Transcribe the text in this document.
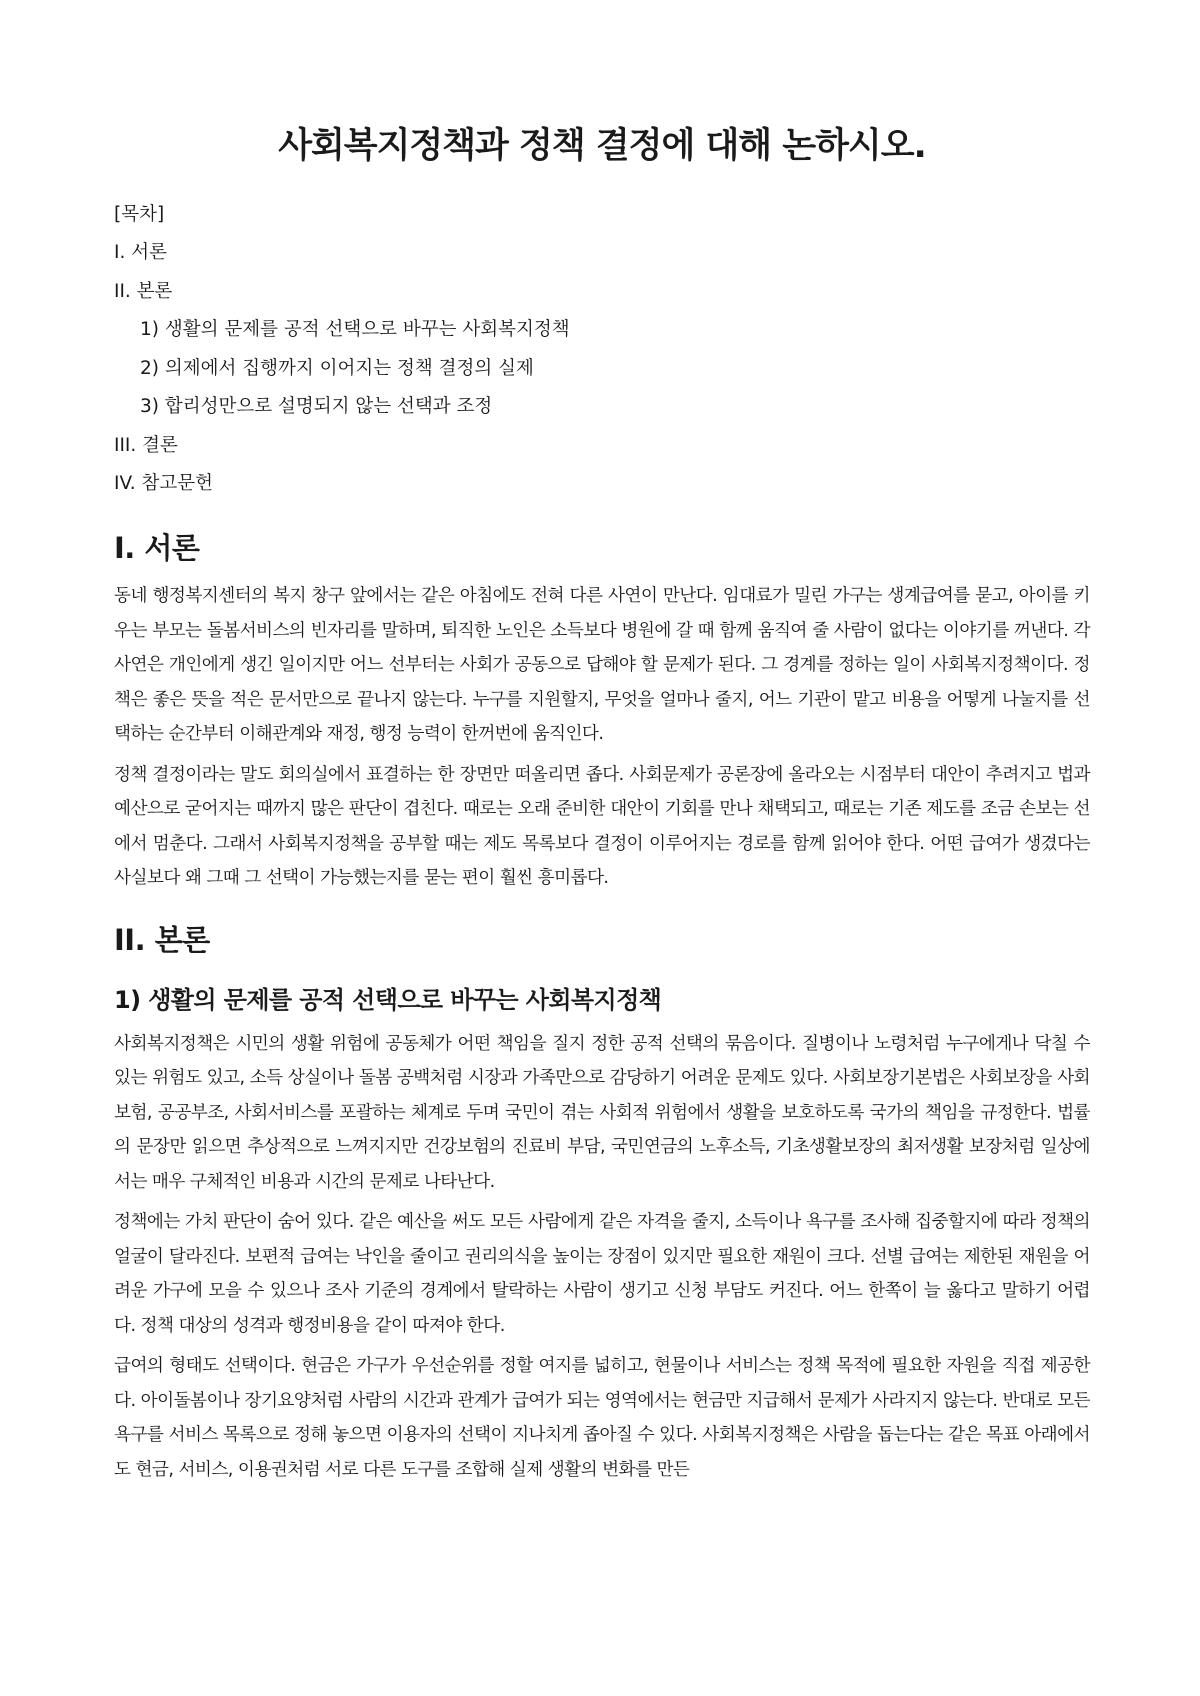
사회복지정책과 정책 결정에 대해 논하시오.
[목차]
I. 서론
II. 본론
1) 생활의 문제를 공적 선택으로 바꾸는 사회복지정책
2) 의제에서 집행까지 이어지는 정책 결정의 실제
3) 합리성만으로 설명되지 않는 선택과 조정
III. 결론
IV. 참고문헌
I. 서론

동네 행정복지센터의 복지 창구 앞에서는 같은 아침에도 전혀 다른 사연이 만난다. 임대료가 밀린 가구는 생계급여를 묻고, 아이를 키우는 부모는 돌봄서비스의 빈자리를 말하며, 퇴직한 노인은 소득보다 병원에 갈 때 함께 움직여 줄 사람이 없다는 이야기를 꺼낸다. 각 사연은 개인에게 생긴 일이지만 어느 선부터는 사회가 공동으로 답해야 할 문제가 된다. 그 경계를 정하는 일이 사회복지정책이다. 정책은 좋은 뜻을 적은 문서만으로 끝나지 않는다. 누구를 지원할지, 무엇을 얼마나 줄지, 어느 기관이 맡고 비용을 어떻게 나눌지를 선택하는 순간부터 이해관계와 재정, 행정 능력이 한꺼번에 움직인다.

정책 결정이라는 말도 회의실에서 표결하는 한 장면만 떠올리면 좁다. 사회문제가 공론장에 올라오는 시점부터 대안이 추려지고 법과 예산으로 굳어지는 때까지 많은 판단이 겹친다. 때로는 오래 준비한 대안이 기회를 만나 채택되고, 때로는 기존 제도를 조금 손보는 선에서 멈춘다. 그래서 사회복지정책을 공부할 때는 제도 목록보다 결정이 이루어지는 경로를 함께 읽어야 한다. 어떤 급여가 생겼다는 사실보다 왜 그때 그 선택이 가능했는지를 묻는 편이 훨씬 흥미롭다.

II. 본론
1) 생활의 문제를 공적 선택으로 바꾸는 사회복지정책

사회복지정책은 시민의 생활 위험에 공동체가 어떤 책임을 질지 정한 공적 선택의 묶음이다. 질병이나 노령처럼 누구에게나 닥칠 수 있는 위험도 있고, 소득 상실이나 돌봄 공백처럼 시장과 가족만으로 감당하기 어려운 문제도 있다. 사회보장기본법은 사회보장을 사회보험, 공공부조, 사회서비스를 포괄하는 체계로 두며 국민이 겪는 사회적 위험에서 생활을 보호하도록 국가의 책임을 규정한다. 법률의 문장만 읽으면 추상적으로 느껴지지만 건강보험의 진료비 부담, 국민연금의 노후소득, 기초생활보장의 최저생활 보장처럼 일상에서는 매우 구체적인 비용과 시간의 문제로 나타난다.

정책에는 가치 판단이 숨어 있다. 같은 예산을 써도 모든 사람에게 같은 자격을 줄지, 소득이나 욕구를 조사해 집중할지에 따라 정책의 얼굴이 달라진다. 보편적 급여는 낙인을 줄이고 권리의식을 높이는 장점이 있지만 필요한 재원이 크다. 선별 급여는 제한된 재원을 어려운 가구에 모을 수 있으나 조사 기준의 경계에서 탈락하는 사람이 생기고 신청 부담도 커진다. 어느 한쪽이 늘 옳다고 말하기 어렵다. 정책 대상의 성격과 행정비용을 같이 따져야 한다.

급여의 형태도 선택이다. 현금은 가구가 우선순위를 정할 여지를 넓히고, 현물이나 서비스는 정책 목적에 필요한 자원을 직접 제공한다. 아이돌봄이나 장기요양처럼 사람의 시간과 관계가 급여가 되는 영역에서는 현금만 지급해서 문제가 사라지지 않는다. 반대로 모든 욕구를 서비스 목록으로 정해 놓으면 이용자의 선택이 지나치게 좁아질 수 있다. 사회복지정책은 사람을 돕는다는 같은 목표 아래에서도 현금, 서비스, 이용권처럼 서로 다른 도구를 조합해 실제 생활의 변화를 만든
